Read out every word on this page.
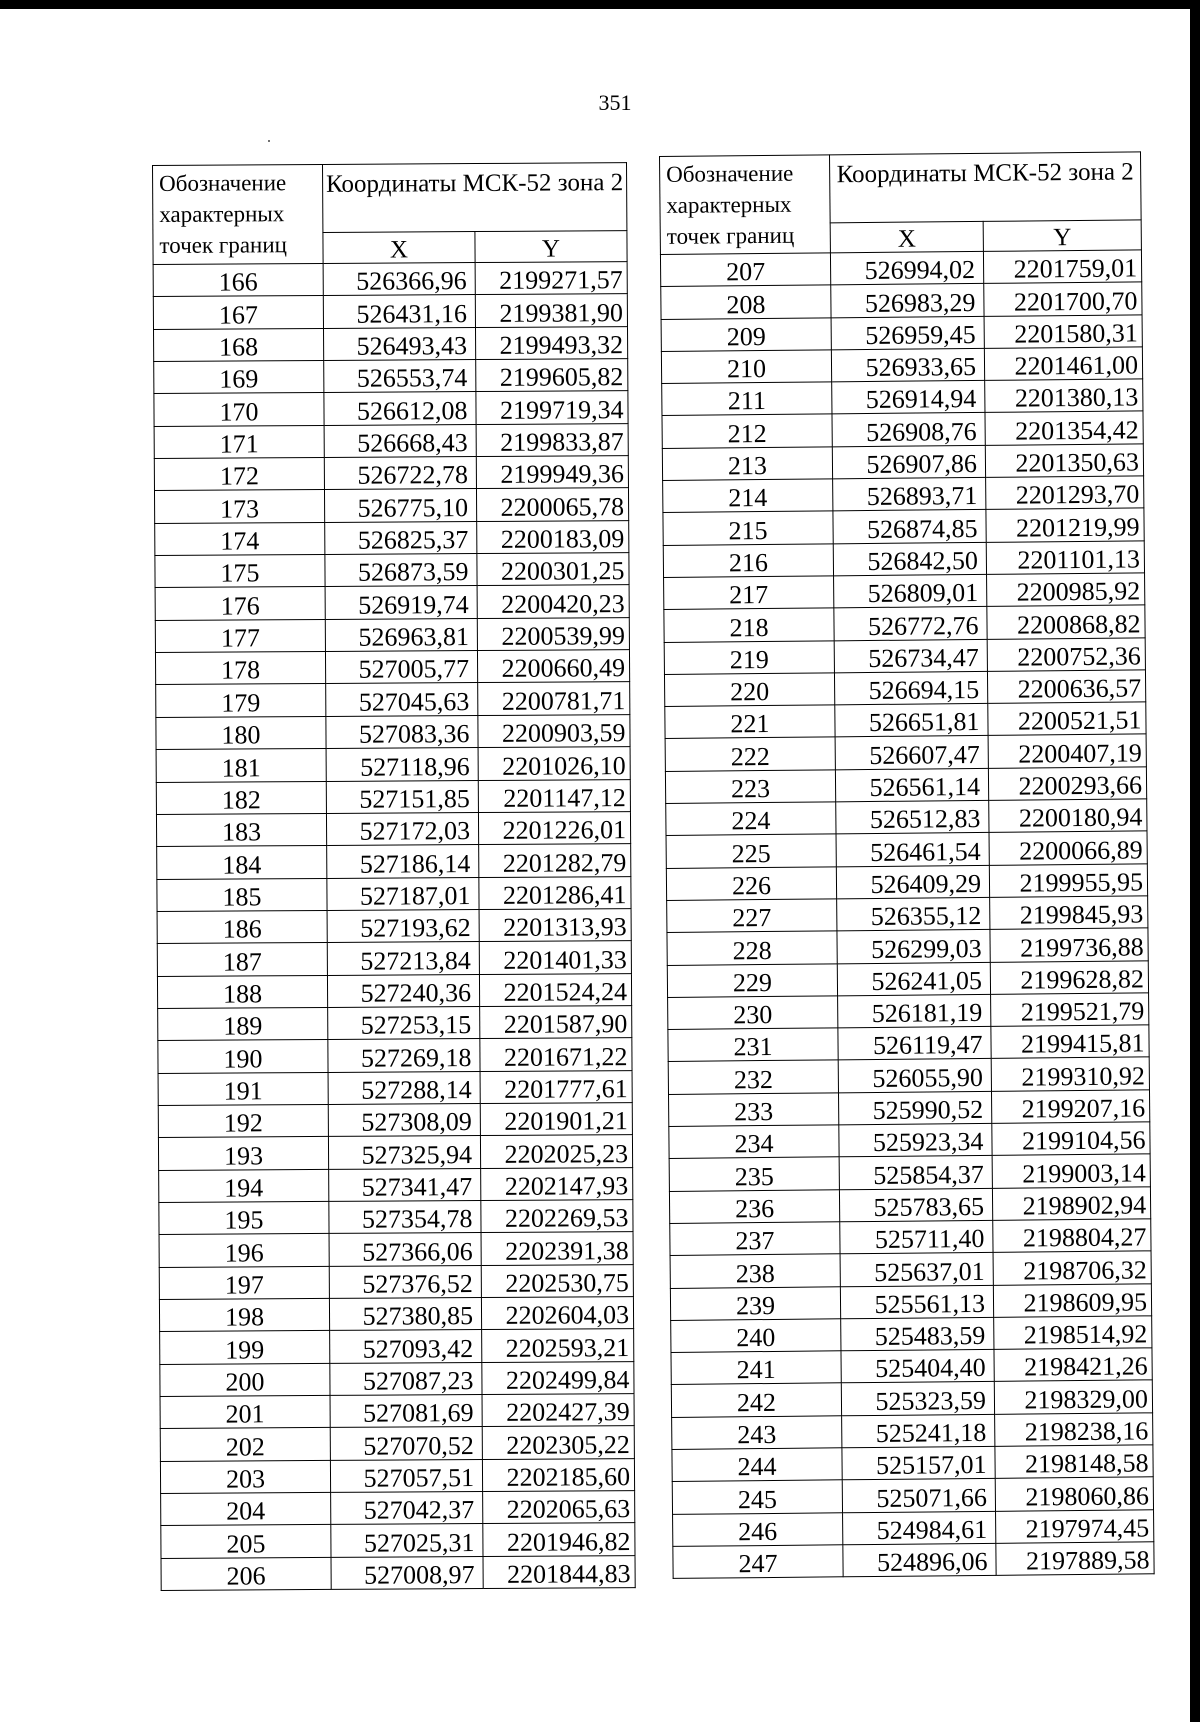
351
Обозначение характерных точек границ	Координаты МСК-52 зона 2	
	X	Y
166	526366,96	2199271,57
167	526431,16	2199381,90
168	526493,43	2199493,32
169	526553,74	2199605,82
170	526612,08	2199719,34
171	526668,43	2199833,87
172	526722,78	2199949,36
173	526775,10	2200065,78
174	526825,37	2200183,09
175	526873,59	2200301,25
176	526919,74	2200420,23
177	526963,81	2200539,99
178	527005,77	2200660,49
179	527045,63	2200781,71
180	527083,36	2200903,59
181	527118,96	2201026,10
182	527151,85	2201147,12
183	527172,03	2201226,01
184	527186,14	2201282,79
185	527187,01	2201286,41
186	527193,62	2201313,93
187	527213,84	2201401,33
188	527240,36	2201524,24
189	527253,15	2201587,90
190	527269,18	2201671,22
191	527288,14	2201777,61
192	527308,09	2201901,21
193	527325,94	2202025,23
194	527341,47	2202147,93
195	527354,78	2202269,53
196	527366,06	2202391,38
197	527376,52	2202530,75
198	527380,85	2202604,03
199	527093,42	2202593,21
200	527087,23	2202499,84
201	527081,69	2202427,39
202	527070,52	2202305,22
203	527057,51	2202185,60
204	527042,37	2202065,63
205	527025,31	2201946,82
206	527008,97	2201844,83
Обозначение характерных точек границ	Координаты МСК-52 зона 2	
	X	Y
207	526994,02	2201759,01
208	526983,29	2201700,70
209	526959,45	2201580,31
210	526933,65	2201461,00
211	526914,94	2201380,13
212	526908,76	2201354,42
213	526907,86	2201350,63
214	526893,71	2201293,70
215	526874,85	2201219,99
216	526842,50	2201101,13
217	526809,01	2200985,92
218	526772,76	2200868,82
219	526734,47	2200752,36
220	526694,15	2200636,57
221	526651,81	2200521,51
222	526607,47	2200407,19
223	526561,14	2200293,66
224	526512,83	2200180,94
225	526461,54	2200066,89
226	526409,29	2199955,95
227	526355,12	2199845,93
228	526299,03	2199736,88
229	526241,05	2199628,82
230	526181,19	2199521,79
231	526119,47	2199415,81
232	526055,90	2199310,92
233	525990,52	2199207,16
234	525923,34	2199104,56
235	525854,37	2199003,14
236	525783,65	2198902,94
237	525711,40	2198804,27
238	525637,01	2198706,32
239	525561,13	2198609,95
240	525483,59	2198514,92
241	525404,40	2198421,26
242	525323,59	2198329,00
243	525241,18	2198238,16
244	525157,01	2198148,58
245	525071,66	2198060,86
246	524984,61	2197974,45
247	524896,06	2197889,58
